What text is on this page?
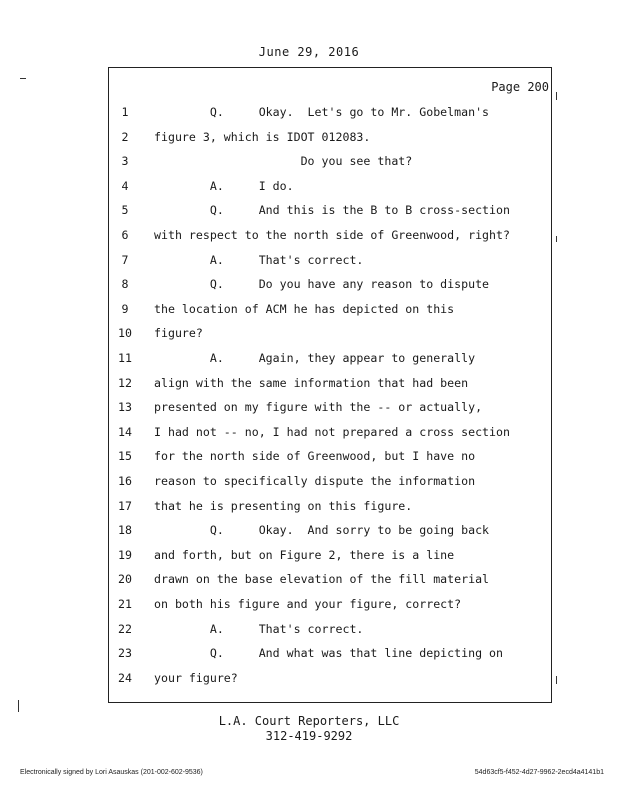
June 29, 2016
Page 200
1	Q.     Okay.  Let's go to Mr. Gobelman's
2	figure 3, which is IDOT 012083.
3	Do you see that?
4	A.     I do.
5	Q.     And this is the B to B cross-section
6	with respect to the north side of Greenwood, right?
7	A.     That's correct.
8	Q.     Do you have any reason to dispute
9	the location of ACM he has depicted on this
10 figure?
11 A.     Again, they appear to generally
12 align with the same information that had been
13 presented on my figure with the -- or actually,
14 I had not -- no, I had not prepared a cross section
15 for the north side of Greenwood, but I have no
16 reason to specifically dispute the information
17 that he is presenting on this figure.
18 Q.     Okay.  And sorry to be going back
19 and forth, but on Figure 2, there is a line
20 drawn on the base elevation of the fill material
21 on both his figure and your figure, correct?
22 A.     That's correct.
23 Q.     And what was that line depicting on
24 your figure?
L.A. Court Reporters, LLC
312-419-9292
Electronically signed by Lori Asauskas (201-002-602-9536)	54d63cf5-f452-4d27-9962-2ecd4a4141b1
